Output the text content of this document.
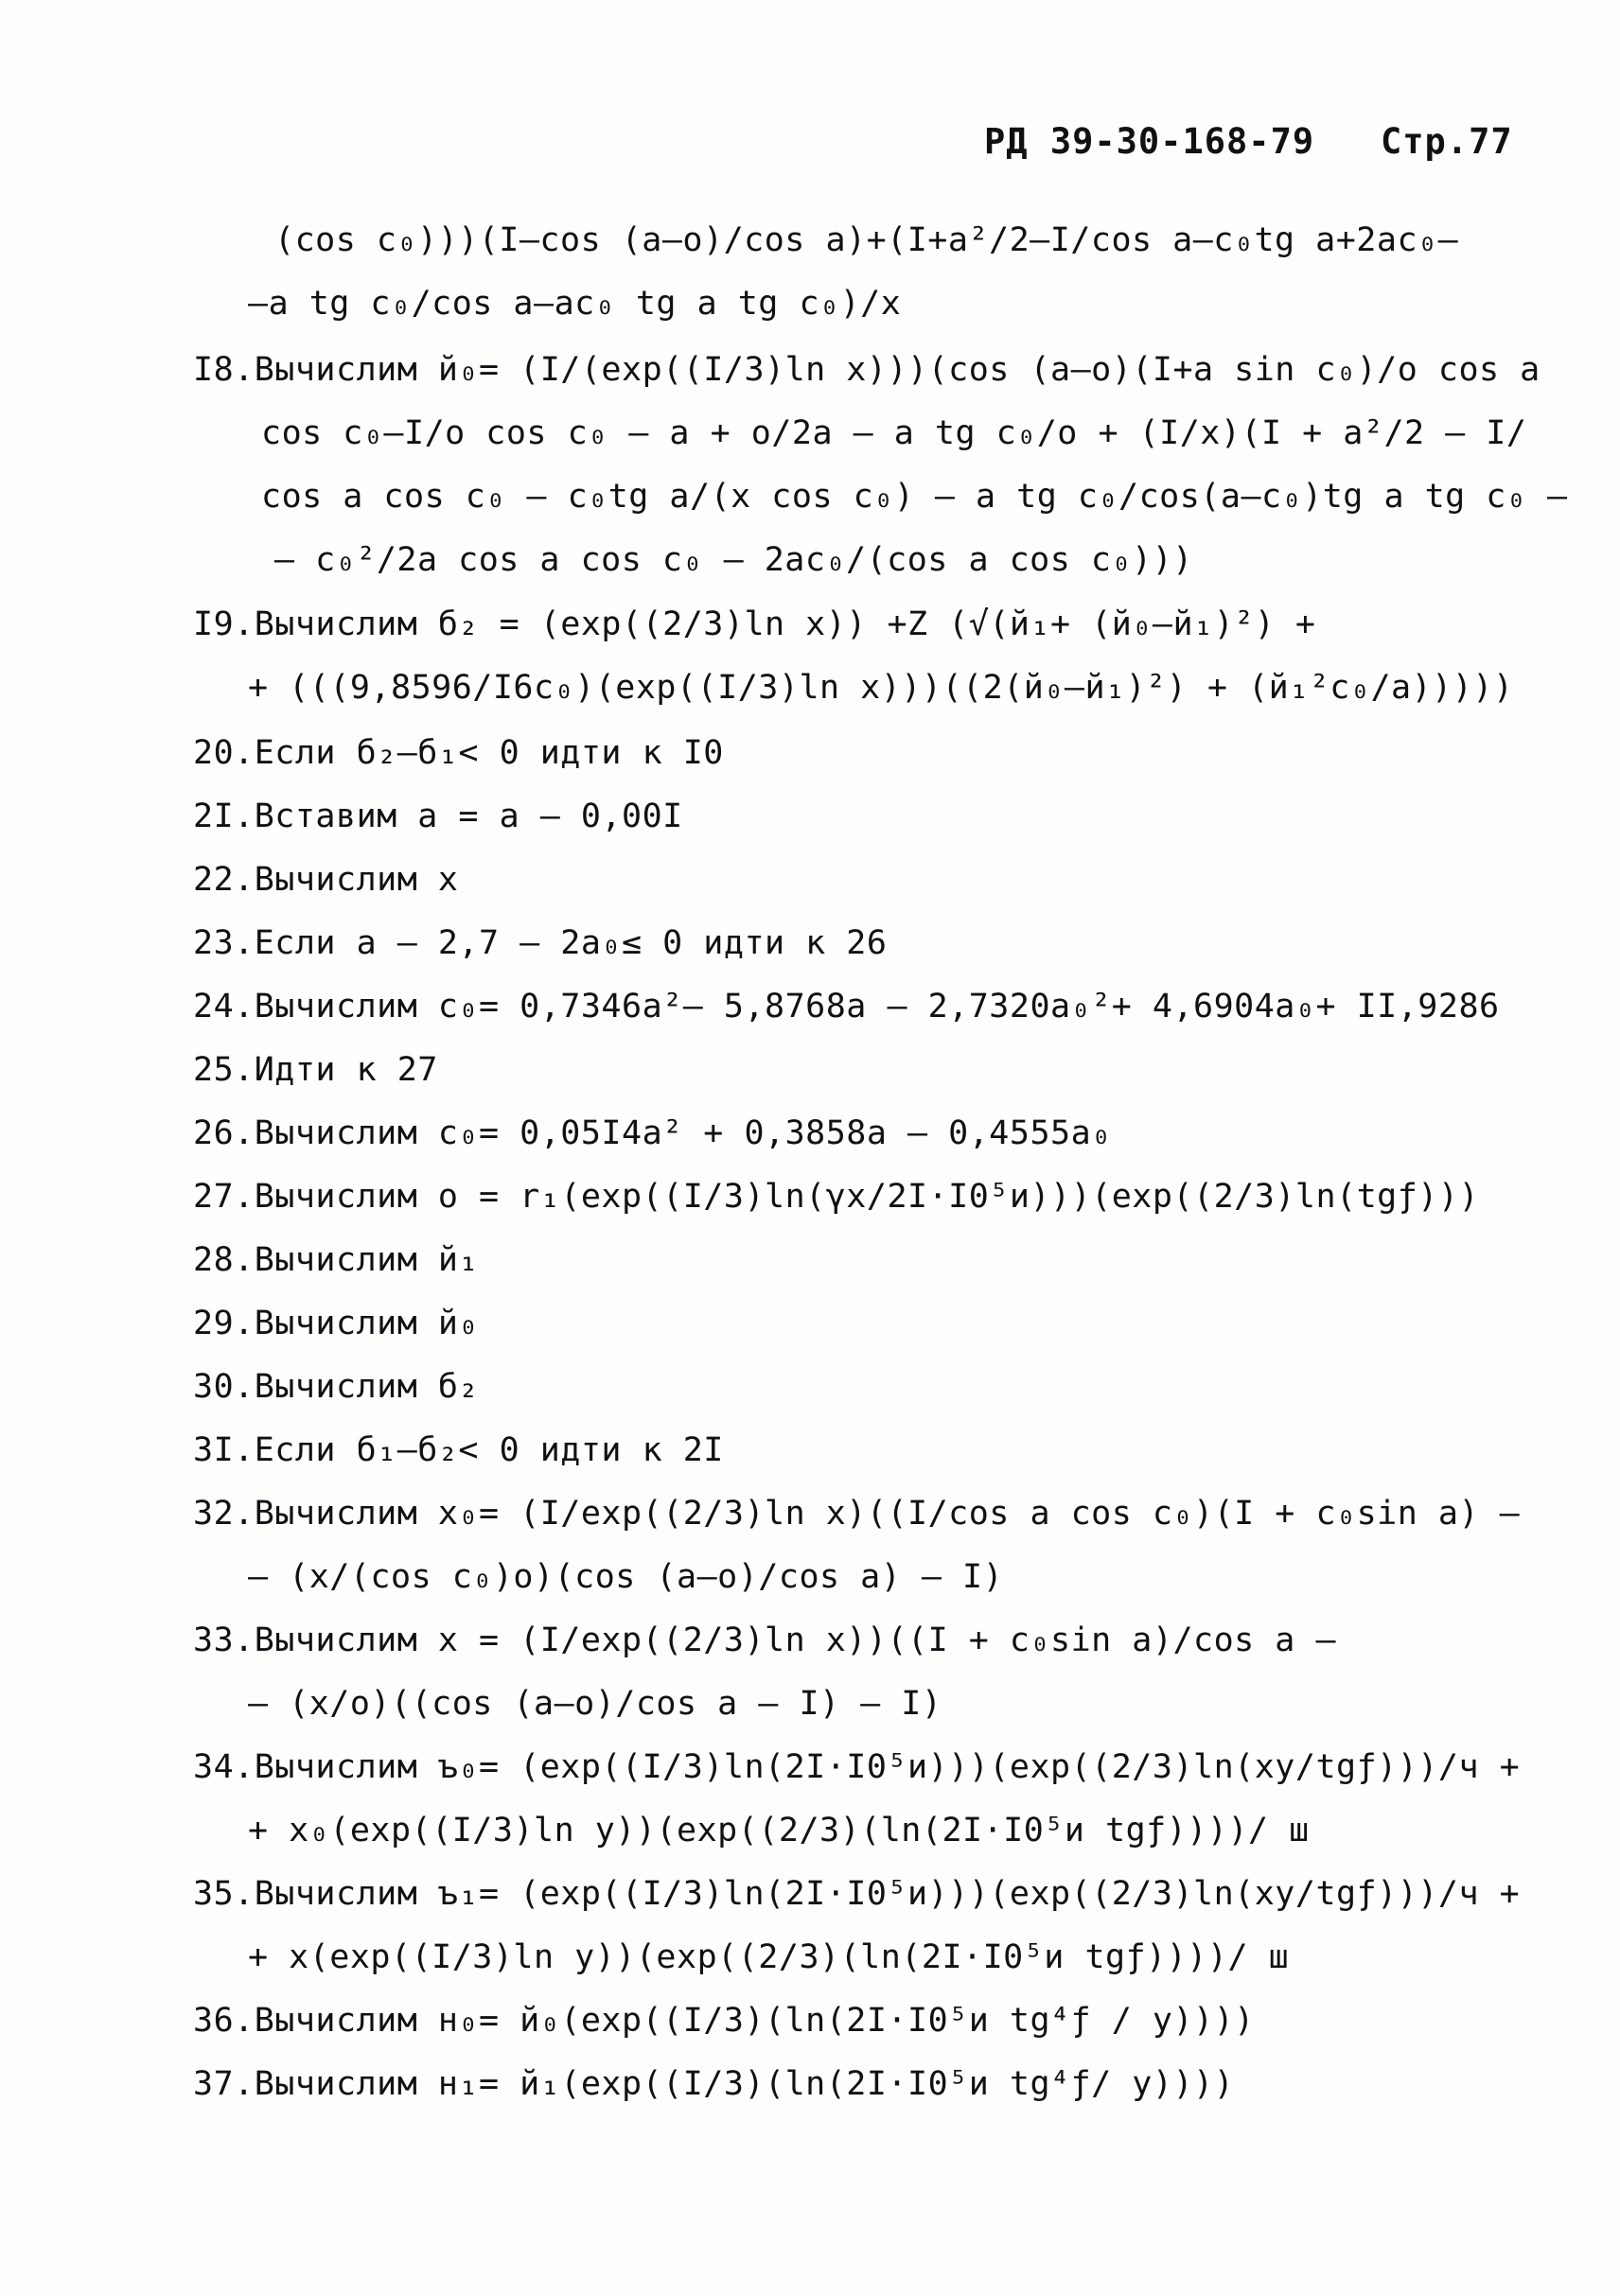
РД 39-30-168-79 Стр.77
(cos c₀)))(I–cos (a–o)/cos a)+(I+a²/2–I/cos a–c₀tg a+2ac₀–
–a tg c₀/cos a–ac₀ tg a tg c₀)/x
I8.Вычислим й₀= (I/(exp((I/3)ln x)))(cos (a–o)(I+a sin c₀)/o cos a
cos c₀–I/o cos c₀ – a + o/2a – a tg c₀/o + (I/x)(I + a²/2 – I/
cos a cos c₀ – c₀tg a/(x cos c₀) – a tg c₀/cos(a–c₀)tg a tg c₀ –
– c₀²/2a cos a cos c₀ – 2ac₀/(cos a cos c₀)))
I9.Вычислим б₂ = (exp((2/3)ln x)) +Z (√(й₁+ (й₀–й₁)²) +
+ (((9,8596/I6c₀)(exp((I/3)ln x)))((2(й₀–й₁)²) + (й₁²c₀/a)))))
20.Если б₂–б₁< 0 идти к I0
2I.Вставим a = a – 0,00I
22.Вычислим x
23.Если a – 2,7 – 2a₀≤ 0 идти к 26
24.Вычислим c₀= 0,7346a²– 5,8768a – 2,7320a₀²+ 4,6904a₀+ II,9286
25.Идти к 27
26.Вычислим c₀= 0,05I4a² + 0,3858a – 0,4555a₀
27.Вычислим o = r₁(exp((I/3)ln(γx/2I·I0⁵и)))(exp((2/3)ln(tgƒ)))
28.Вычислим й₁
29.Вычислим й₀
30.Вычислим б₂
3I.Если б₁–б₂< 0 идти к 2I
32.Вычислим x₀= (I/exp((2/3)ln x)((I/cos a cos c₀)(I + c₀sin a) –
– (x/(cos c₀)o)(cos (a–o)/cos a) – I)
33.Вычислим x = (I/exp((2/3)ln x))((I + c₀sin a)/cos a –
– (x/o)((cos (a–o)/cos a – I) – I)
34.Вычислим ъ₀= (exp((I/3)ln(2I·I0⁵и)))(exp((2/3)ln(xy/tgƒ)))/ч +
+ x₀(exp((I/3)ln y))(exp((2/3)(ln(2I·I0⁵и tgƒ))))/ ш
35.Вычислим ъ₁= (exp((I/3)ln(2I·I0⁵и)))(exp((2/3)ln(xy/tgƒ)))/ч +
+ x(exp((I/3)ln y))(exp((2/3)(ln(2I·I0⁵и tgƒ))))/ ш
36.Вычислим н₀= й₀(exp((I/3)(ln(2I·I0⁵и tg⁴ƒ / y))))
37.Вычислим н₁= й₁(exp((I/3)(ln(2I·I0⁵и tg⁴ƒ/ y))))
